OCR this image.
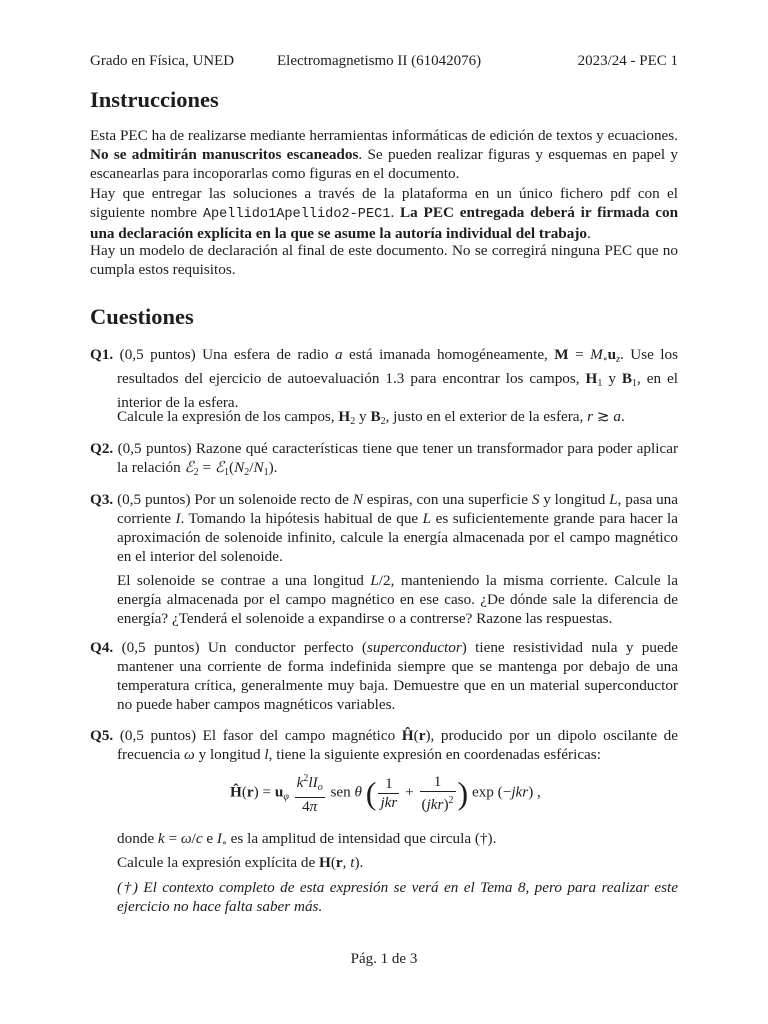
Grado en Física, UNED	Electromagnetismo II (61042076)	2023/24 - PEC 1
Instrucciones
Esta PEC ha de realizarse mediante herramientas informáticas de edición de textos y ecuaciones. No se admitirán manuscritos escaneados. Se pueden realizar figuras y esquemas en papel y escanearlas para incoporarlas como figuras en el documento.
Hay que entregar las soluciones a través de la plataforma en un único fichero pdf con el siguiente nombre Apellido1Apellido2-PEC1. La PEC entregada deberá ir firmada con una declaración explícita en la que se asume la autoría individual del trabajo.
Hay un modelo de declaración al final de este documento. No se corregirá ninguna PEC que no cumpla estos requisitos.
Cuestiones
Q1. (0,5 puntos) Una esfera de radio a está imanada homogéneamente, $M = M_\circ u_z$. Use los resultados del ejercicio de autoevaluación 1.3 para encontrar los campos, $H_1$ y $B_1$, en el interior de la esfera.
Calcule la expresión de los campos, $H_2$ y $B_2$, justo en el exterior de la esfera, r ≳ a.
Q2. (0,5 puntos) Razone qué características tiene que tener un transformador para poder aplicar la relación ℰ$_2$ = $ℰ_1(N_2/N_1)$.
Q3. (0,5 puntos) Por un solenoide recto de N espiras, con una superficie S y longitud L, pasa una corriente I. Tomando la hipótesis habitual de que L es suficientemente grande para hacer la aproximación de solenoide infinito, calcule la energía almacenada por el campo magnético en el interior del solenoide.
El solenoide se contrae a una longitud L/2, manteniendo la misma corriente. Calcule la energía almacenada por el campo magnético en ese caso. ¿De dónde sale la diferencia de energía? ¿Tenderá el solenoide a expandirse o a contrerse? Razone las respuestas.
Q4. (0,5 puntos) Un conductor perfecto (superconductor) tiene resistividad nula y puede mantener una corriente de forma indefinida siempre que se mantenga por debajo de una temperatura crítica, generalmente muy baja. Demuestre que en un material superconductor no puede haber campos magnéticos variables.
Q5. (0,5 puntos) El fasor del campo magnético Ĥ(r), producido por un dipolo oscilante de frecuencia ω y longitud l, tiene la siguiente expresión en coordenadas esféricas:
Ĥ(r) = $u_\varphi \frac{k^2lI_o}{4\pi}$ sen θ ( $\frac{1}{\text{jkr}} + \frac{1}{(jkr)^2}$ ) exp (−jkr) ,
donde k = ω/c e $I_\circ$ es la amplitud de intensidad que circula (†).
Calcule la expresión explícita de H(r, t).
(†) El contexto completo de esta expresión se verá en el Tema 8, pero para realizar este ejercicio no hace falta saber más.
Pág. 1 de 3
